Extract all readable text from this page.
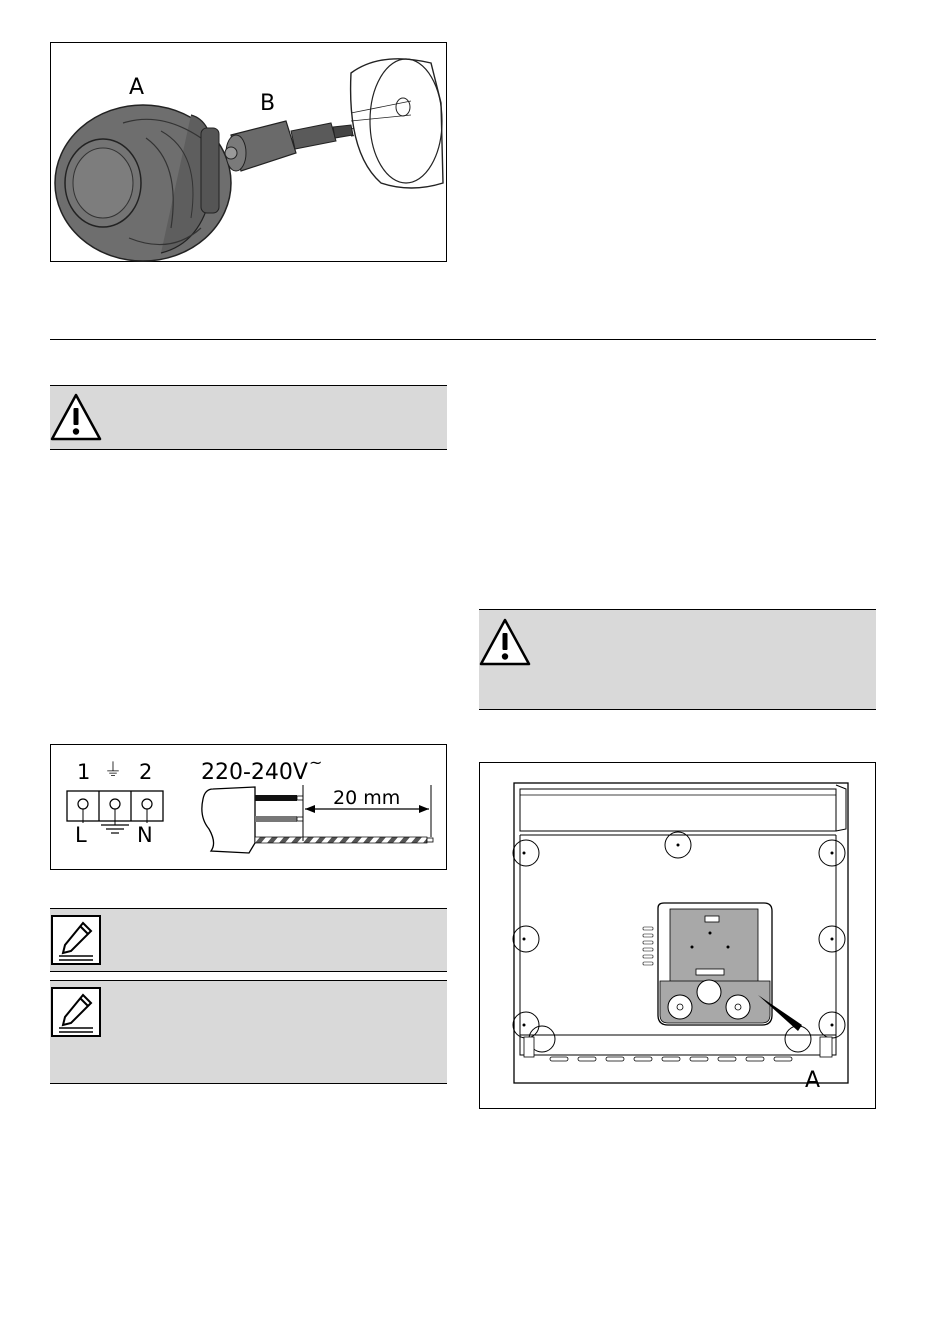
A
B
1 ⏚ 2
L N
220-240V ~
20 mm
A
